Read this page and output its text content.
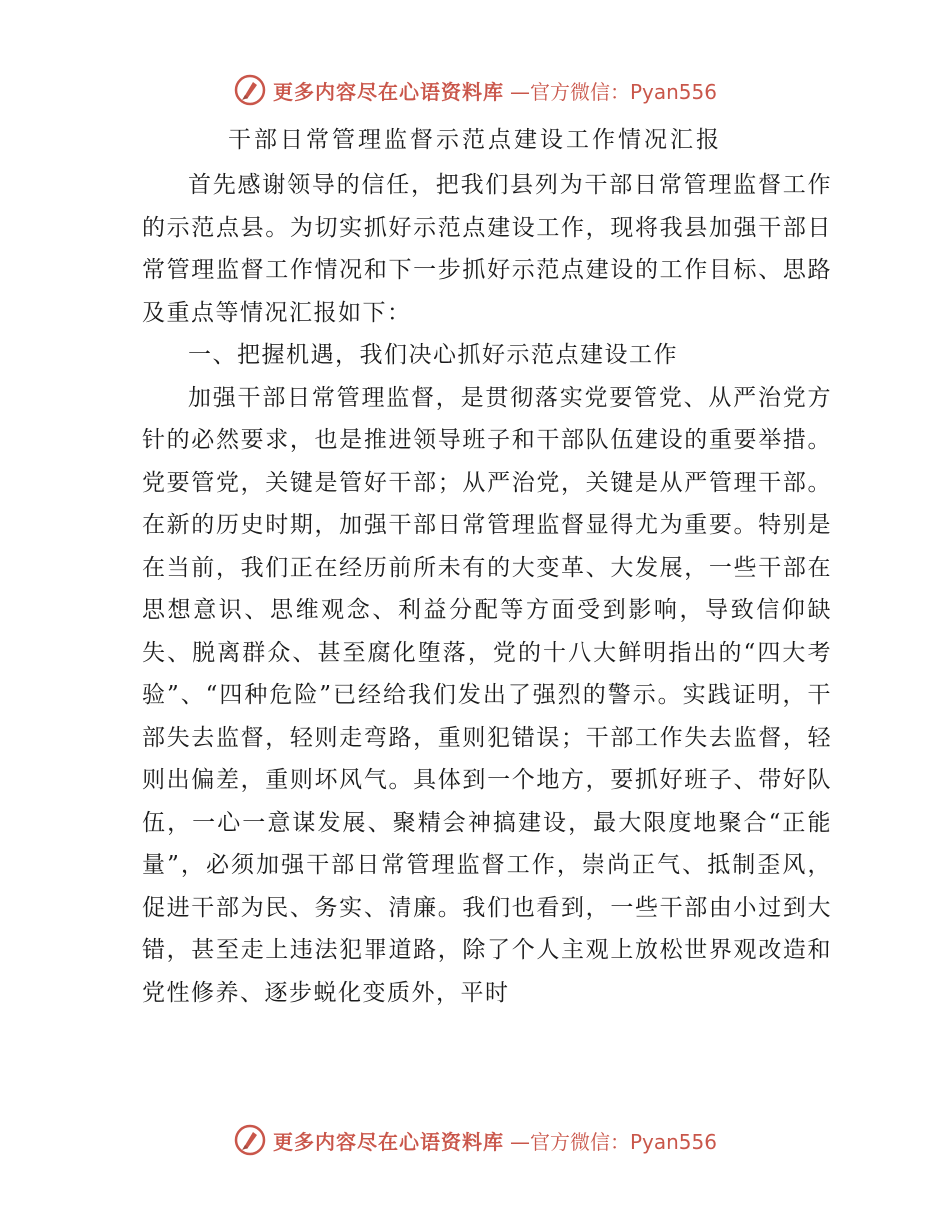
更多内容尽在心语资料库 —官方微信：Pyan556
干部日常管理监督示范点建设工作情况汇报

首先感谢领导的信任，把我们县列为干部日常管理监督工作的示范点县。为切实抓好示范点建设工作，现将我县加强干部日常管理监督工作情况和下一步抓好示范点建设的工作目标、思路及重点等情况汇报如下：

一、把握机遇，我们决心抓好示范点建设工作

加强干部日常管理监督，是贯彻落实党要管党、从严治党方针的必然要求，也是推进领导班子和干部队伍建设的重要举措。党要管党，关键是管好干部；从严治党，关键是从严管理干部。在新的历史时期，加强干部日常管理监督显得尤为重要。特别是在当前，我们正在经历前所未有的大变革、大发展，一些干部在思想意识、思维观念、利益分配等方面受到影响，导致信仰缺失、脱离群众、甚至腐化堕落，党的十八大鲜明指出的“四大考验”、“四种危险”已经给我们发出了强烈的警示。实践证明，干部失去监督，轻则走弯路，重则犯错误；干部工作失去监督，轻则出偏差，重则坏风气。具体到一个地方，要抓好班子、带好队伍，一心一意谋发展、聚精会神搞建设，最大限度地聚合“正能量”，必须加强干部日常管理监督工作，崇尚正气、抵制歪风，促进干部为民、务实、清廉。我们也看到，一些干部由小过到大错，甚至走上违法犯罪道路，除了个人主观上放松世界观改造和党性修养、逐步蜕化变质外，平时

更多内容尽在心语资料库 —官方微信：Pyan556
